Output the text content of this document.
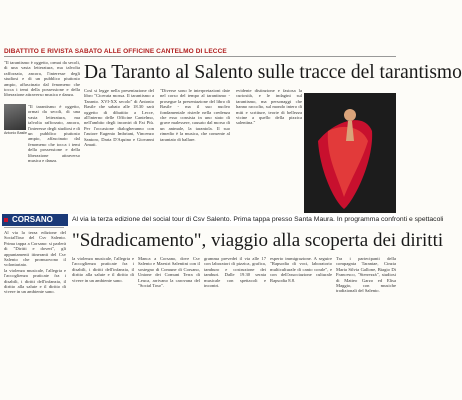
DIBATTITO E RIVISTA SABATO ALLE OFFICINE CANTELMO DI LECCE

"Il tarantismo è oggetto, ormai da secoli, di una vasta letteratura, ma talvolta rafforzato, ancora, l'interesse degli studiosi e di un pubblico piuttosto ampio, affascinato dal fenomeno che tocca i temi della possessione e della liberazione attraverso musica e danza.

Antonio Basile

"Il tarantismo è oggetto, ormai da secoli, di una vasta letteratura, ma talvolta rafforzato, ancora, l'interesse degli studiosi e di un pubblico piuttosto ampio, affascinato dal fenomeno che tocca i temi della possessione e della liberazione attraverso musica e danza.

Da Taranto al Salento sulle tracce del tarantismo

Così si legge nella presentazione del libro "Cicerata mossa. Il tarantismo a Taranto. XVI-XX secolo" di Antonio Basile che sabato alle 18.30 sarà oggetto di dibattito a Lecce, all'interno delle Officine Cantelmo, nell'ambito degli incontri di Fai Più. Per l'occasione dialogheranno con l'autore Eugenio Imbriani, Vincenzo Santoro, Daria D'Aquino e Giovanni Amati.

"Diverse sono le interpretazioni date nel corso del tempo al tarantismo - prosegue la presentazione del libro di Basile - ma il suo nucleo fondamentale risiede nella credenza che esso consista in uno stato di grave malessere, causato dal morso di un animale, la tarantola. Il suo rimedio è la musica, che consente al tarantato di ballare.

evidente distinzione e fastosa la curiosità, e le indagini sul tarantismo, ma personaggi che hanno raccolto, sul mondo intero di miti e scritture, teorie di bellezza vicine a quello della pizzica salentina."

CORSANO	Al via la terza edizione del social tour di Csv Salento. Prima tappa presso Santa Maura. In programma confronti e spettacoli
"Sdradicamento", viaggio alla scoperta dei diritti

Al via la terza edizione del SocialTour del Csv Salento. Prima tappa a Corsano: si parlerà di "Diritti e doveri", gli appuntamenti itineranti del Csv Salento che promuovono il volontariato.

la violenza musicale, l'allegria e l'accoglienza praticate fra i disabili, i diritti dell'infanzia, il diritto alla salute e il diritto di vivere in un ambiente sano.

la violenza musicale, l'allegria e l'accoglienza praticate fra i disabili, i diritti dell'infanzia, il diritto alla salute e il diritto di vivere in un ambiente sano.

Manca a Corsano, dove Csv Salento e Maestri Salentini con il sostegno di Comune di Corsano, Unione dei Comuni Terra di Leuca, arrivano la carovana del "Social Tour".

gramma prevedeì il via alle 17 con laboratori di pizzica, grafica, tamburo e costruzione dei tamburi. Dalle 19.30 serata musicale con spettacoli e incontri.

esperto immigrazione. A seguire "Rapsodia di voci, laboratorio multiculturale di canto corale", e con dell'associazione culturale Rapsodia 8.8.

Tra i partecipanti della compagnia Tarantae, Cinzia Maria Silvia Gallone, Biagio Di Francesco, "Sterrezzà", studiosi di Matteo Garzo ed Elisa Maggio, con musiche tradizionali del Salento.
